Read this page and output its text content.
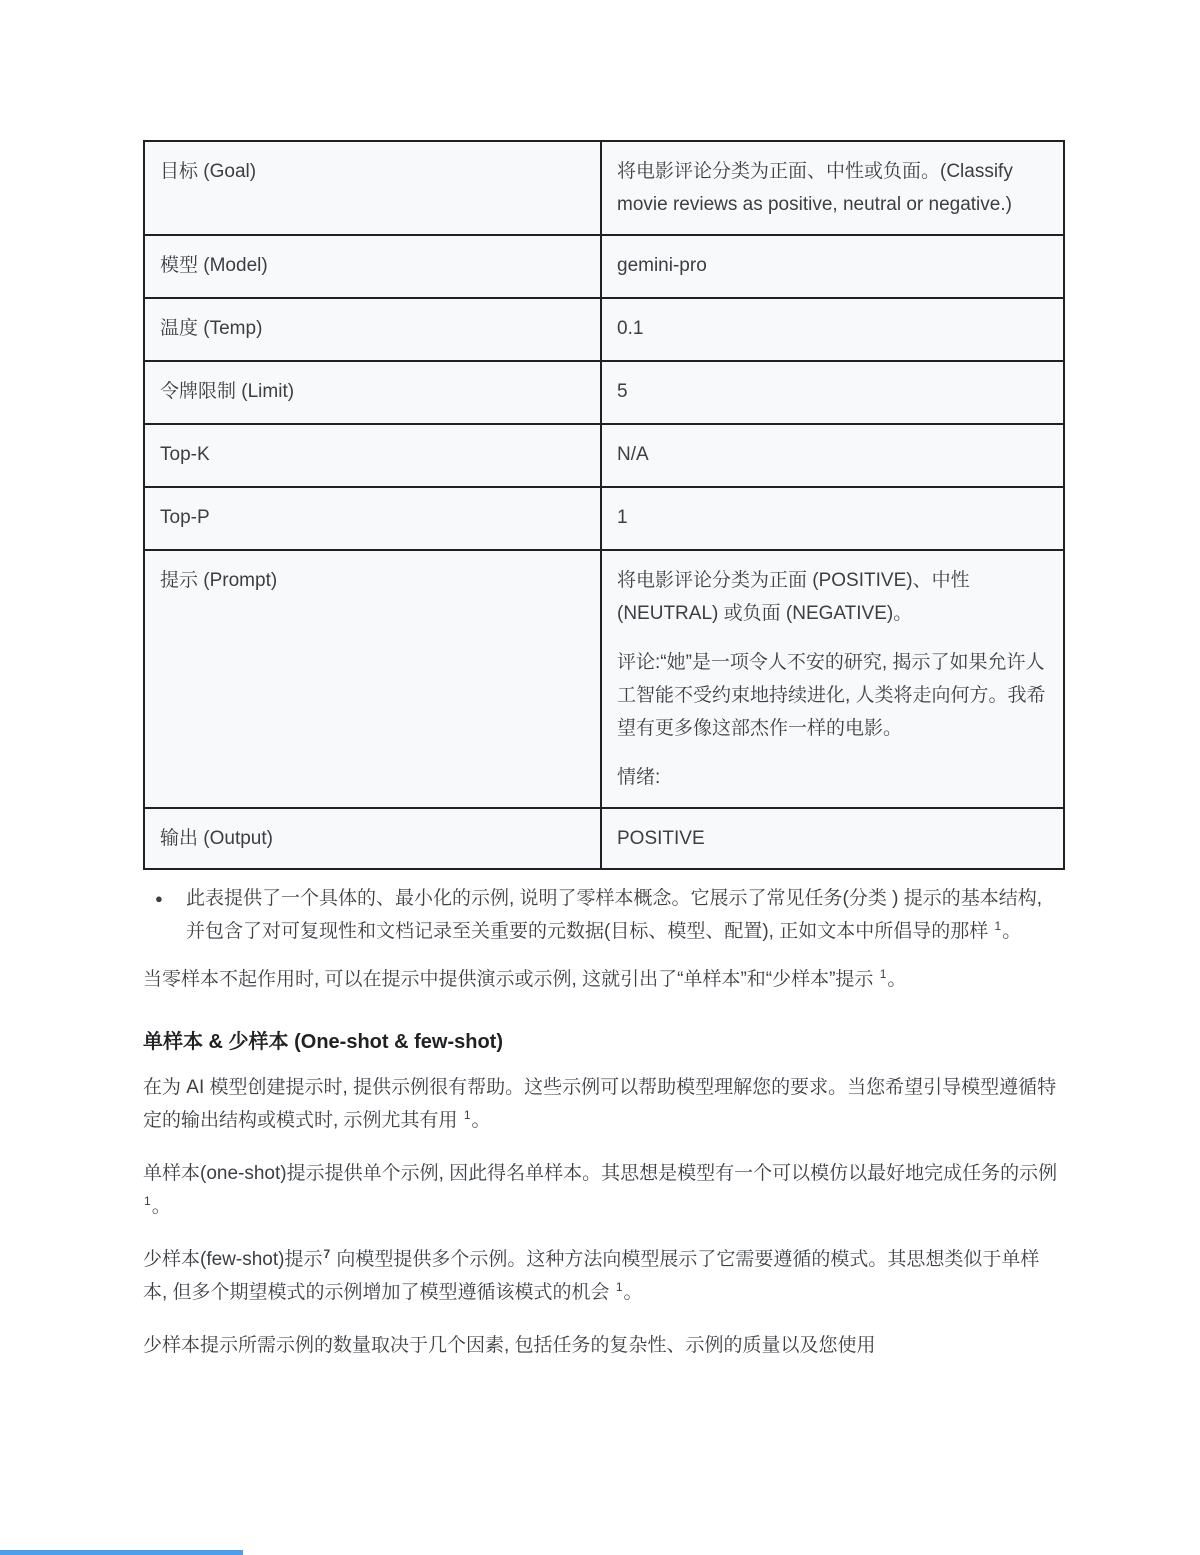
目标 (Goal)	将电影评论分类为正面、中性或负面。(Classify movie reviews as positive, neutral or negative.)
模型 (Model)	gemini-pro
温度 (Temp)	0.1
令牌限制 (Limit)	5
Top-K	N/A
Top-P	1
提示 (Prompt)	将电影评论分类为正面 (POSITIVE)、中性 (NEUTRAL) 或负面 (NEGATIVE)。

评论:“她”是一项令人不安的研究, 揭示了如果允许人工智能不受约束地持续进化, 人类将走向何方。我希望有更多像这部杰作一样的电影。

情绪:

输出 (Output)	POSITIVE
●	此表提供了一个具体的、最小化的示例, 说明了零样本概念。它展示了常见任务(分类 ) 提示的基本结构, 并包含了对可复现性和文档记录至关重要的元数据(目标、模型、配置), 正如文本中所倡导的那样 $^1$。

当零样本不起作用时, 可以在提示中提供演示或示例, 这就引出了“单样本”和“少样本”提示 $^1$。

单样本 & 少样本 (One-shot & few-shot)

在为 AI 模型创建提示时, 提供示例很有帮助。这些示例可以帮助模型理解您的要求。当您希望引导模型遵循特定的输出结构或模式时, 示例尤其有用 $^1$。

单样本(one-shot)提示提供单个示例, 因此得名单样本。其思想是模型有一个可以模仿以最好地完成任务的示例 $^1$。

少样本(few-shot)提示$^7$ 向模型提供多个示例。这种方法向模型展示了它需要遵循的模式。其思想类似于单样本, 但多个期望模式的示例增加了模型遵循该模式的机会 $^1$。

少样本提示所需示例的数量取决于几个因素, 包括任务的复杂性、示例的质量以及您使用
